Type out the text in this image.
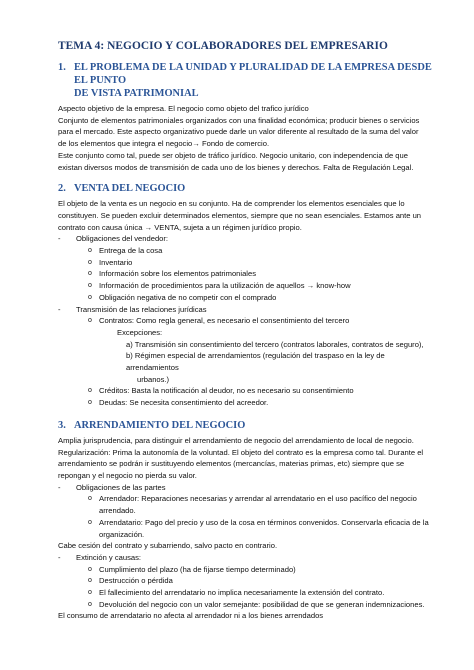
TEMA 4: NEGOCIO Y COLABORADORES DEL EMPRESARIO
1. EL PROBLEMA DE LA UNIDAD Y PLURALIDAD DE LA EMPRESA DESDE EL PUNTO
DE VISTA PATRIMONIAL

Aspecto objetivo de la empresa. El negocio como objeto del trafico jurídico

Conjunto de elementos patrimoniales organizados con una finalidad económica; producir bienes o servicios

para el mercado. Este aspecto organizativo puede darle un valor diferente al resultado de la suma del valor

de los elementos que integra el negocio→ Fondo de comercio.

Este conjunto como tal, puede ser objeto de tráfico jurídico. Negocio unitario, con independencia de que

existan diversos modos de transmisión de cada uno de los bienes y derechos. Falta de Regulación Legal.

2. VENTA DEL NEGOCIO

El objeto de la venta es un negocio en su conjunto. Ha de comprender los elementos esenciales que lo

constituyen. Se pueden excluir determinados elementos, siempre que no sean esenciales. Estamos ante un

contrato con causa única → VENTA, sujeta a un régimen jurídico propio.

-	Obligaciones del vendedor:
o Entrega de la cosa
o Inventario
o Información sobre los elementos patrimoniales
o Información de procedimientos para la utilización de aquellos → know-how
o Obligación negativa de no competir con el comprado
-	Transmisión de las relaciones jurídicas
o Contratos: Como regla general, es necesario el consentimiento del tercero
Excepciones:
a) Transmisión sin consentimiento del tercero (contratos laborales, contratos de seguro),
b) Régimen especial de arrendamientos (regulación del traspaso en la ley de arrendamientos
urbanos.)
o Créditos: Basta la notificación al deudor, no es necesario su consentimiento
o Deudas: Se necesita consentimiento del acreedor.
3. ARRENDAMIENTO DEL NEGOCIO

Amplia jurisprudencia, para distinguir el arrendamiento de negocio del arrendamiento de local de negocio.

Regularización: Prima la autonomía de la voluntad. El objeto del contrato es la empresa como tal. Durante el

arrendamiento se podrán ir sustituyendo elementos (mercancías, materias primas, etc) siempre que se

repongan y el negocio no pierda su valor.

-	Obligaciones de las partes
o Arrendador: Reparaciones necesarias y arrendar al arrendatario en el uso pacífico del negocio
arrendado.
o Arrendatario: Pago del precio y uso de la cosa en términos convenidos. Conservarla eficacia de la
organización.

Cabe cesión del contrato y subarriendo, salvo pacto en contrario.

-	Extinción y causas:
o Cumplimiento del plazo (ha de fijarse tiempo determinado)
o Destrucción o pérdida
o El fallecimiento del arrendatario no implica necesariamente la extensión del contrato.
o Devolución del negocio con un valor semejante: posibilidad de que se generan indemnizaciones.

El consumo de arrendatario no afecta al arrendador ni a los bienes arrendados
